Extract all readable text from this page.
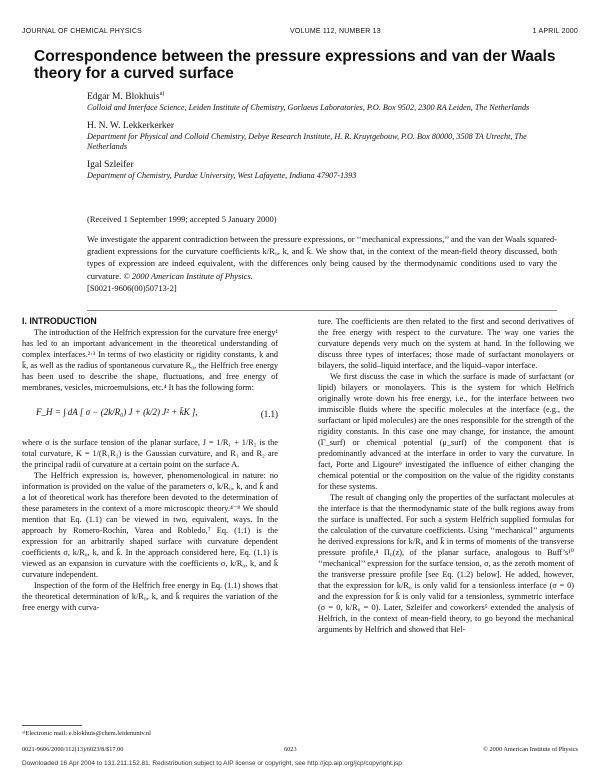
JOURNAL OF CHEMICAL PHYSICS	VOLUME 112, NUMBER 13	1 APRIL 2000
Correspondence between the pressure expressions and van der Waals theory for a curved surface
Edgar M. Blokhuis$^{a)}$
Colloid and Interface Science, Leiden Institute of Chemistry, Gorlaeus Laboratories, P.O. Box 9502, 2300 RA Leiden, The Netherlands
H. N. W. Lekkerkerker
Department for Physical and Colloid Chemistry, Debye Research Institute, H. R. Kruytgebouw, P.O. Box 80000, 3508 TA Utrecht, The Netherlands
Igal Szleifer
Department of Chemistry, Purdue University, West Lafayette, Indiana 47907-1393
(Received 1 September 1999; accepted 5 January 2000)

We investigate the apparent contradiction between the pressure expressions, or ‘‘mechanical expressions,’’ and the van der Waals squared-gradient expressions for the curvature coefficients k/R₀, k, and k̄. We show that, in the context of the mean-field theory discussed, both types of expression are indeed equivalent, with the differences only being caused by the thermodynamic conditions used to vary the curvature. © 2000 American Institute of Physics.
[S0021-9606(00)50713-2]

I. INTRODUCTION

The introduction of the Helfrich expression for the curvature free energy¹ has led to an important advancement in the theoretical understanding of complex interfaces.²·³ In terms of two elasticity or rigidity constants, k and k̄, as well as the radius of spontaneous curvature R₀, the Helfrich free energy has been used to describe the shape, fluctuations, and free energy of membranes, vesicles, microemulsions, etc.⁴ It has the following form:

F_H = ∫ dA [ σ − (2k/R₀) J + (k/2) J² + k̄K ],	(1.1)

where σ is the surface tension of the planar surface, J = 1/R₁ + 1/R₂ is the total curvature, K = 1/(R₁R₂) is the Gaussian curvature, and R₁ and R₂ are the principal radii of curvature at a certain point on the surface A.

The Helfrich expression is, however, phenomenological in nature: no information is provided on the value of the parameters σ, k/R₀, k, and k̄ and a lot of theoretical work has therefore been devoted to the determination of these parameters in the context of a more microscopic theory.⁴⁻⁸ We should mention that Eq. (1.1) can be viewed in two, equivalent, ways. In the approach by Romero-Rochín, Varea and Robledo,⁷ Eq. (1.1) is the expression for an arbitrarily shaped surface with curvature dependent coefficients σ, k/R₀, k, and k̄. In the approach considered here, Eq. (1.1) is viewed as an expansion in curvature with the coefficients σ, k/R₀, k, and k̄ curvature independent.

Inspection of the form of the Helfrich free energy in Eq. (1.1) shows that the theoretical determination of k/R₀, k, and k̄ requires the variation of the free energy with curva-

ture. The coefficients are then related to the first and second derivatives of the free energy with respect to the curvature. The way one varies the curvature depends very much on the system at hand. In the following we discuss three types of interfaces; those made of surfactant monolayers or bilayers, the solid–liquid interface, and the liquid–vapor interface.

We first discuss the case in which the surface is made of surfactant (or lipid) bilayers or monolayers. This is the system for which Helfrich originally wrote down his free energy, i.e., for the interface between two immiscible fluids where the specific molecules at the interface (e.g., the surfactant or lipid molecules) are the ones responsible for the strength of the rigidity constants. In this case one may change, for instance, the amount (Γ_surf) or chemical potential (μ_surf) of the component that is predominantly advanced at the interface in order to vary the curvature. In fact, Porte and Ligoure⁹ investigated the influence of either changing the chemical potential or the composition on the value of the rigidity constants for these systems.

The result of changing only the properties of the surfactant molecules at the interface is that the thermodynamic state of the bulk regions away from the surface is unaffected. For such a system Helfrich supplied formulas for the calculation of the curvature coefficients. Using ‘‘mechanical’’ arguments he derived expressions for k/R₀ and k̄ in terms of moments of the transverse pressure profile,⁴ Π₀(z), of the planar surface, analogous to Buff’s¹⁰ ‘‘mechanical’’ expression for the surface tension, σ, as the zeroth moment of the transverse pressure profile [see Eq. (1.2) below]. He added, however, that the expression for k/R₀ is only valid for a tensionless interface (σ = 0) and the expression for k̄ is only valid for a tensionless, symmetric interface (σ = 0, k/R₀ = 0). Later, Szleifer and coworkers⁵ extended the analysis of Helfrich, in the context of mean-field theory, to go beyond the mechanical arguments by Helfrich and showed that Hel-

ᵃ⁾Electronic mail: e.blokhuis@chem.leidenuniv.nl
0021-9606/2000/112(13)/6023/8/$17.00	6023	© 2000 American Institute of Physics
Downloaded 16 Apr 2004 to 131.211.152.81. Redistribution subject to AIP license or copyright, see http://jcp.aip.org/jcp/copyright.jsp
